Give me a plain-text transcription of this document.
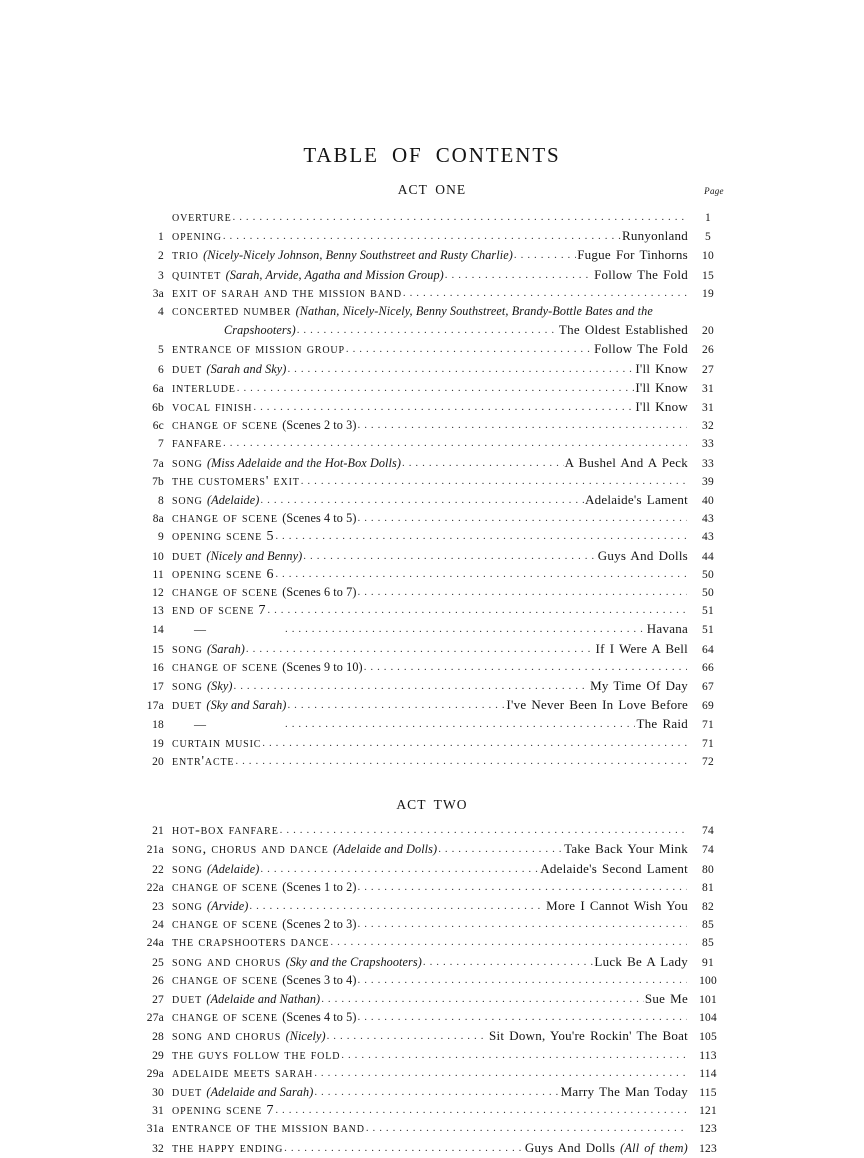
TABLE OF CONTENTS
Page
ACT ONE
overture . . .	1
1 opening . . .	Runyonland	5
2 trio (Nicely-Nicely Johnson, Benny Southstreet and Rusty Charlie) . . .	Fugue For Tinhorns	10
3 quintet (Sarah, Arvide, Agatha and Mission Group) . . .	Follow The Fold	15
3a exit of sarah and the mission band . . .	19
4 concerted number (Nathan, Nicely-Nicely, Benny Southstreet, Brandy-Bottle Bates and the
Crapshooters) . . .	The Oldest Established	20
5 entrance of mission group . . .	Follow The Fold	26
6 duet (Sarah and Sky) . . .	I'll Know	27
6a interlude . . .	I'll Know	31
6b vocal finish . . .	I'll Know	31
6c change of scene (Scenes 2 to 3) . . .	32
7 fanfare . . .	33
7a song (Miss Adelaide and the Hot-Box Dolls) . . .	A Bushel And A Peck	33
7b the customers' exit . . .	39
8 song (Adelaide) . . .	Adelaide's Lament	40
8a change of scene (Scenes 4 to 5) . . .	43
9 opening scene 5 . . .	43
10 duet (Nicely and Benny) . . .	Guys And Dolls	44
11 opening scene 6 . . .	50
12 change of scene (Scenes 6 to 7) . . .	50
13 end of scene 7 . . .	51
14	— . . .	Havana	51
15 song (Sarah) . . .	If I Were A Bell	64
16 change of scene (Scenes 9 to 10) . . .	66
17 song (Sky) . . .	My Time Of Day	67
17a duet (Sky and Sarah) . . .	I've Never Been In Love Before	69
18	— . . .	The Raid	71
19 curtain music . . .	71
20 entr'acte . . .	72
ACT TWO
21 hot-box fanfare . . .	74
21a song, chorus and dance (Adelaide and Dolls) . . .	Take Back Your Mink	74
22 song (Adelaide) . . .	Adelaide's Second Lament	80
22a change of scene (Scenes 1 to 2) . . .	81
23 song (Arvide) . . .	More I Cannot Wish You	82
24 change of scene (Scenes 2 to 3) . . .	85
24a the crapshooters dance . . .	85
25 song and chorus (Sky and the Crapshooters) . . .	Luck Be A Lady	91
26 change of scene (Scenes 3 to 4) . . .	100
27 duet (Adelaide and Nathan) . . .	Sue Me 101
27a change of scene (Scenes 4 to 5) . . .	104
28 song and chorus (Nicely) . . .	Sit Down, You're Rockin' The Boat 105
29 the guys follow the fold . . .	113
29a adelaide meets sarah . . .	114
30 duet (Adelaide and Sarah) . . .	Marry The Man Today 115
31 opening scene 7 . . .	121
31a entrance of the mission band . . .	123
32 the happy ending . . .	Guys And Dolls (All of them) 123
